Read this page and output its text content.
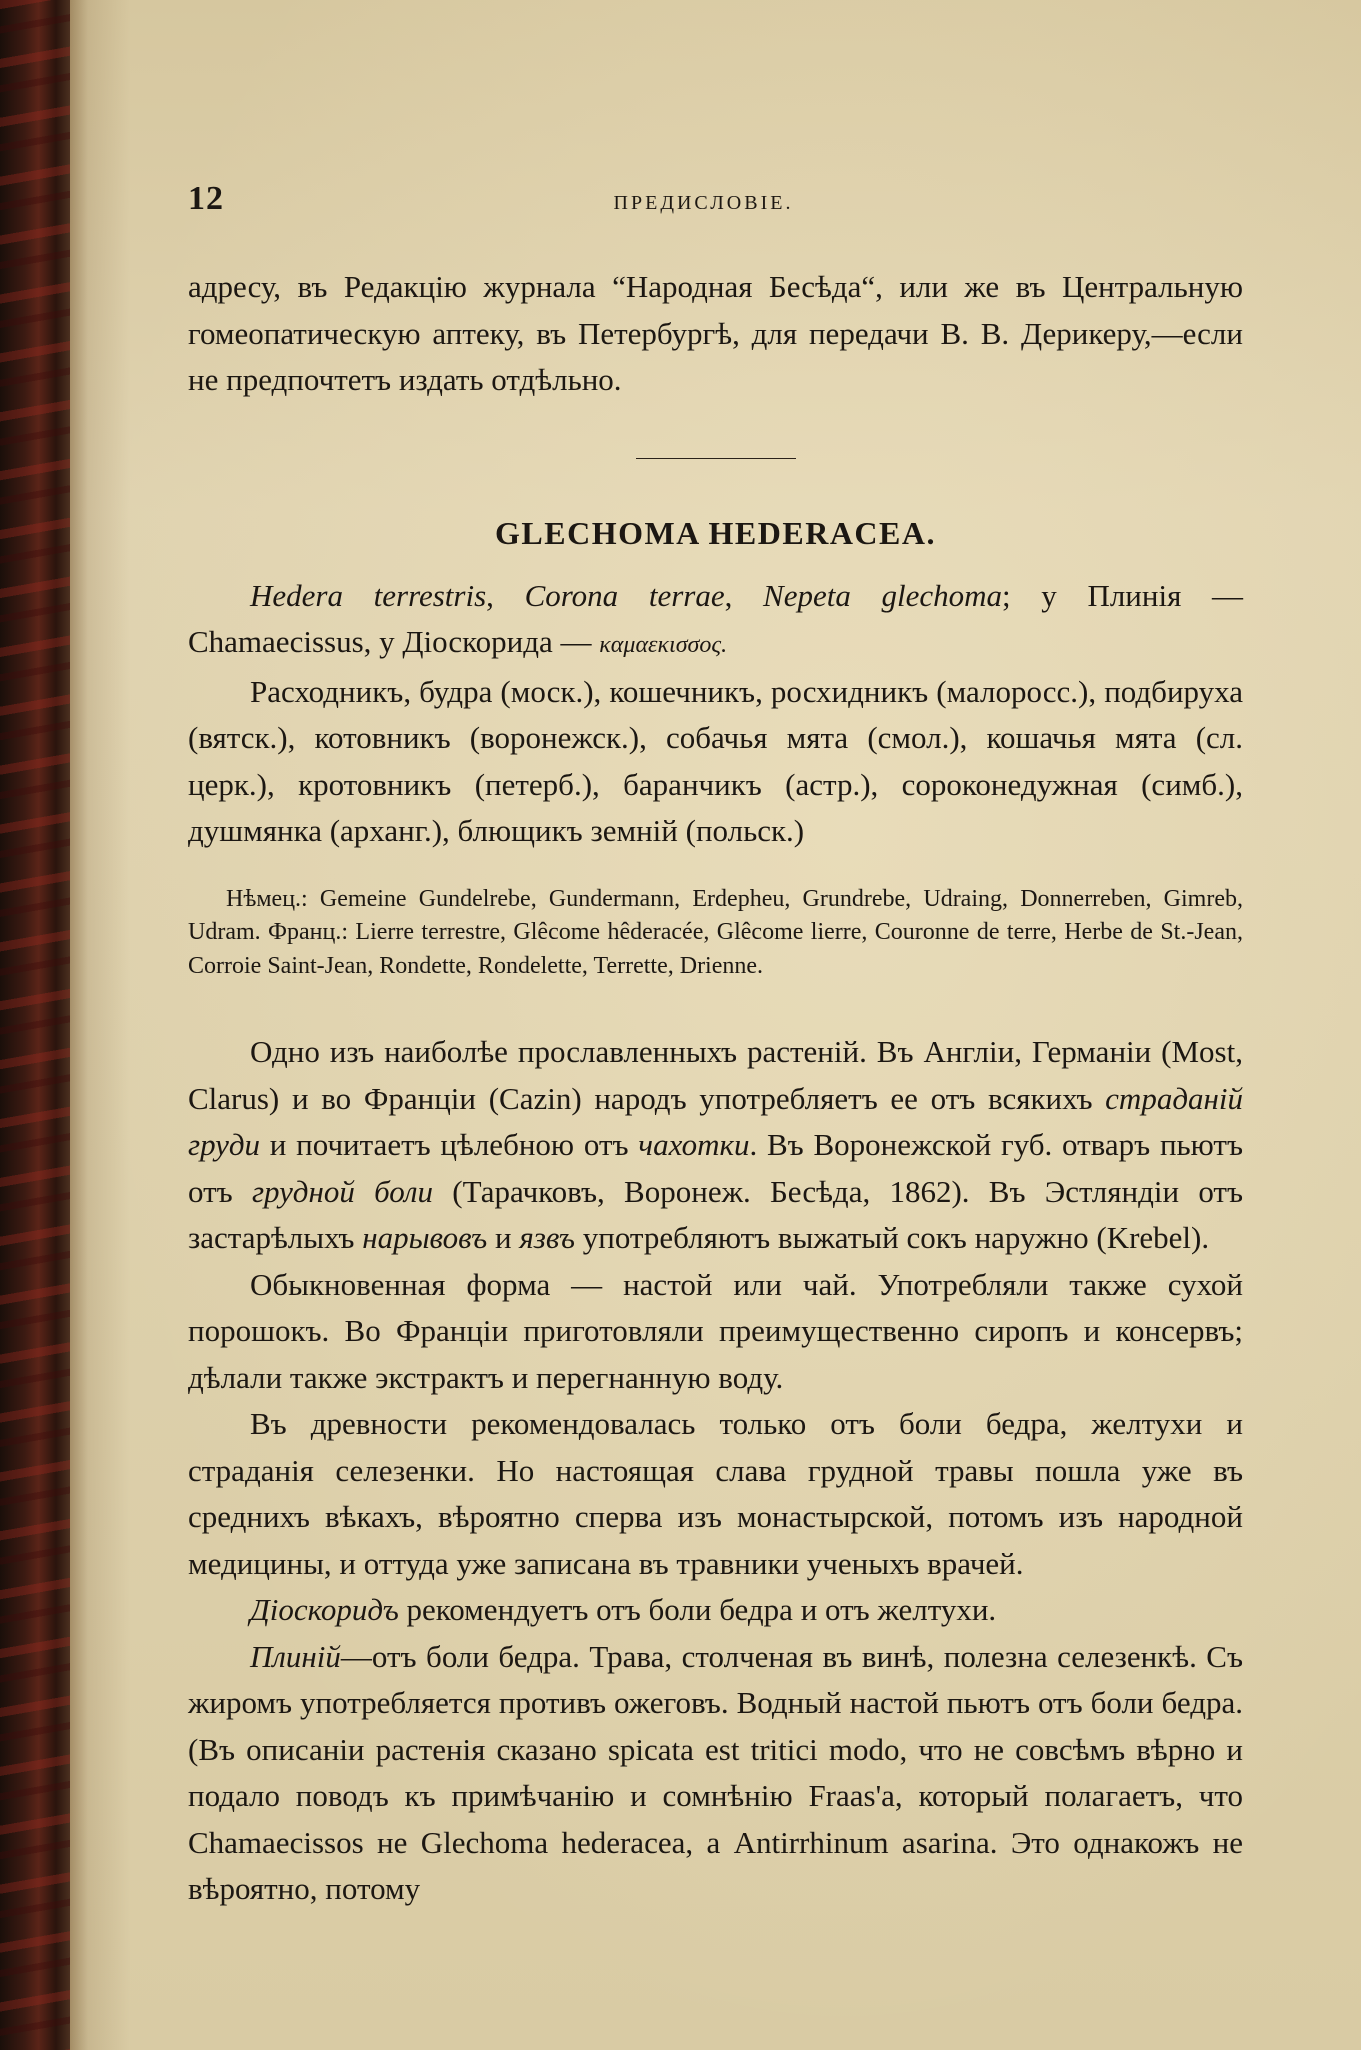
12	ПРЕДИСЛОВІЕ.

адресу, въ Редакцію журнала “Народная Бесѣда“, или же въ Центральную гомеопатическую аптеку, въ Петербургѣ, для передачи В. В. Дерикеру,—если не предпочтетъ издать отдѣльно.

GLECHOMA HEDERACEA.

Hedera terrestris, Corona terrae, Nepeta glechoma; у Плинія — Chamaecissus, у Діоскорида — καμαεκισσος.

Расходникъ, будра (моск.), кошечникъ, росхидникъ (малоросс.), подбируха (вятск.), котовникъ (воронежск.), собачья мята (смол.), кошачья мята (сл. церк.), кротовникъ (петерб.), баранчикъ (астр.), сороконедужная (симб.), душмянка (арханг.), блющикъ земній (польск.)

Нѣмец.: Gemeine Gundelrebe, Gundermann, Erdepheu, Grundrebe, Udraing, Donnerreben, Gimreb, Udram. Франц.: Lierre terrestre, Glêcome hêderacée, Glêcome lierre, Couronne de terre, Herbe de St.-Jean, Corroie Saint-Jean, Rondette, Rondelette, Terrette, Drienne.

Одно изъ наиболѣе прославленныхъ растеній. Въ Англіи, Германіи (Most, Clarus) и во Франціи (Cazin) народъ употребляетъ ее отъ всякихъ страданій груди и почитаетъ цѣлебною отъ чахотки. Въ Воронежской губ. отваръ пьютъ отъ грудной боли (Тарачковъ, Воронеж. Бесѣда, 1862). Въ Эстляндіи отъ застарѣлыхъ нарывовъ и язвъ употребляютъ выжатый сокъ наружно (Krebel).

Обыкновенная форма — настой или чай. Употребляли также сухой порошокъ. Во Франціи приготовляли преимущественно сиропъ и консервъ; дѣлали также экстрактъ и перегнанную воду.

Въ древности рекомендовалась только отъ боли бедра, желтухи и страданія селезенки. Но настоящая слава грудной травы пошла уже въ среднихъ вѣкахъ, вѣроятно сперва изъ монастырской, потомъ изъ народной медицины, и оттуда уже записана въ травники ученыхъ врачей.

Діоскоридъ рекомендуетъ отъ боли бедра и отъ желтухи.

Плиній—отъ боли бедра. Трава, столченая въ винѣ, полезна селезенкѣ. Съ жиромъ употребляется противъ ожеговъ. Водный настой пьютъ отъ боли бедра. (Въ описаніи растенія сказано spicata est tritici modo, что не совсѣмъ вѣрно и подало поводъ къ примѣчанію и сомнѣнію Fraas'а, который полагаетъ, что Chamaecissos не Glechoma hederacea, а Antirrhinum asarina. Это однакожъ не вѣроятно, потому
